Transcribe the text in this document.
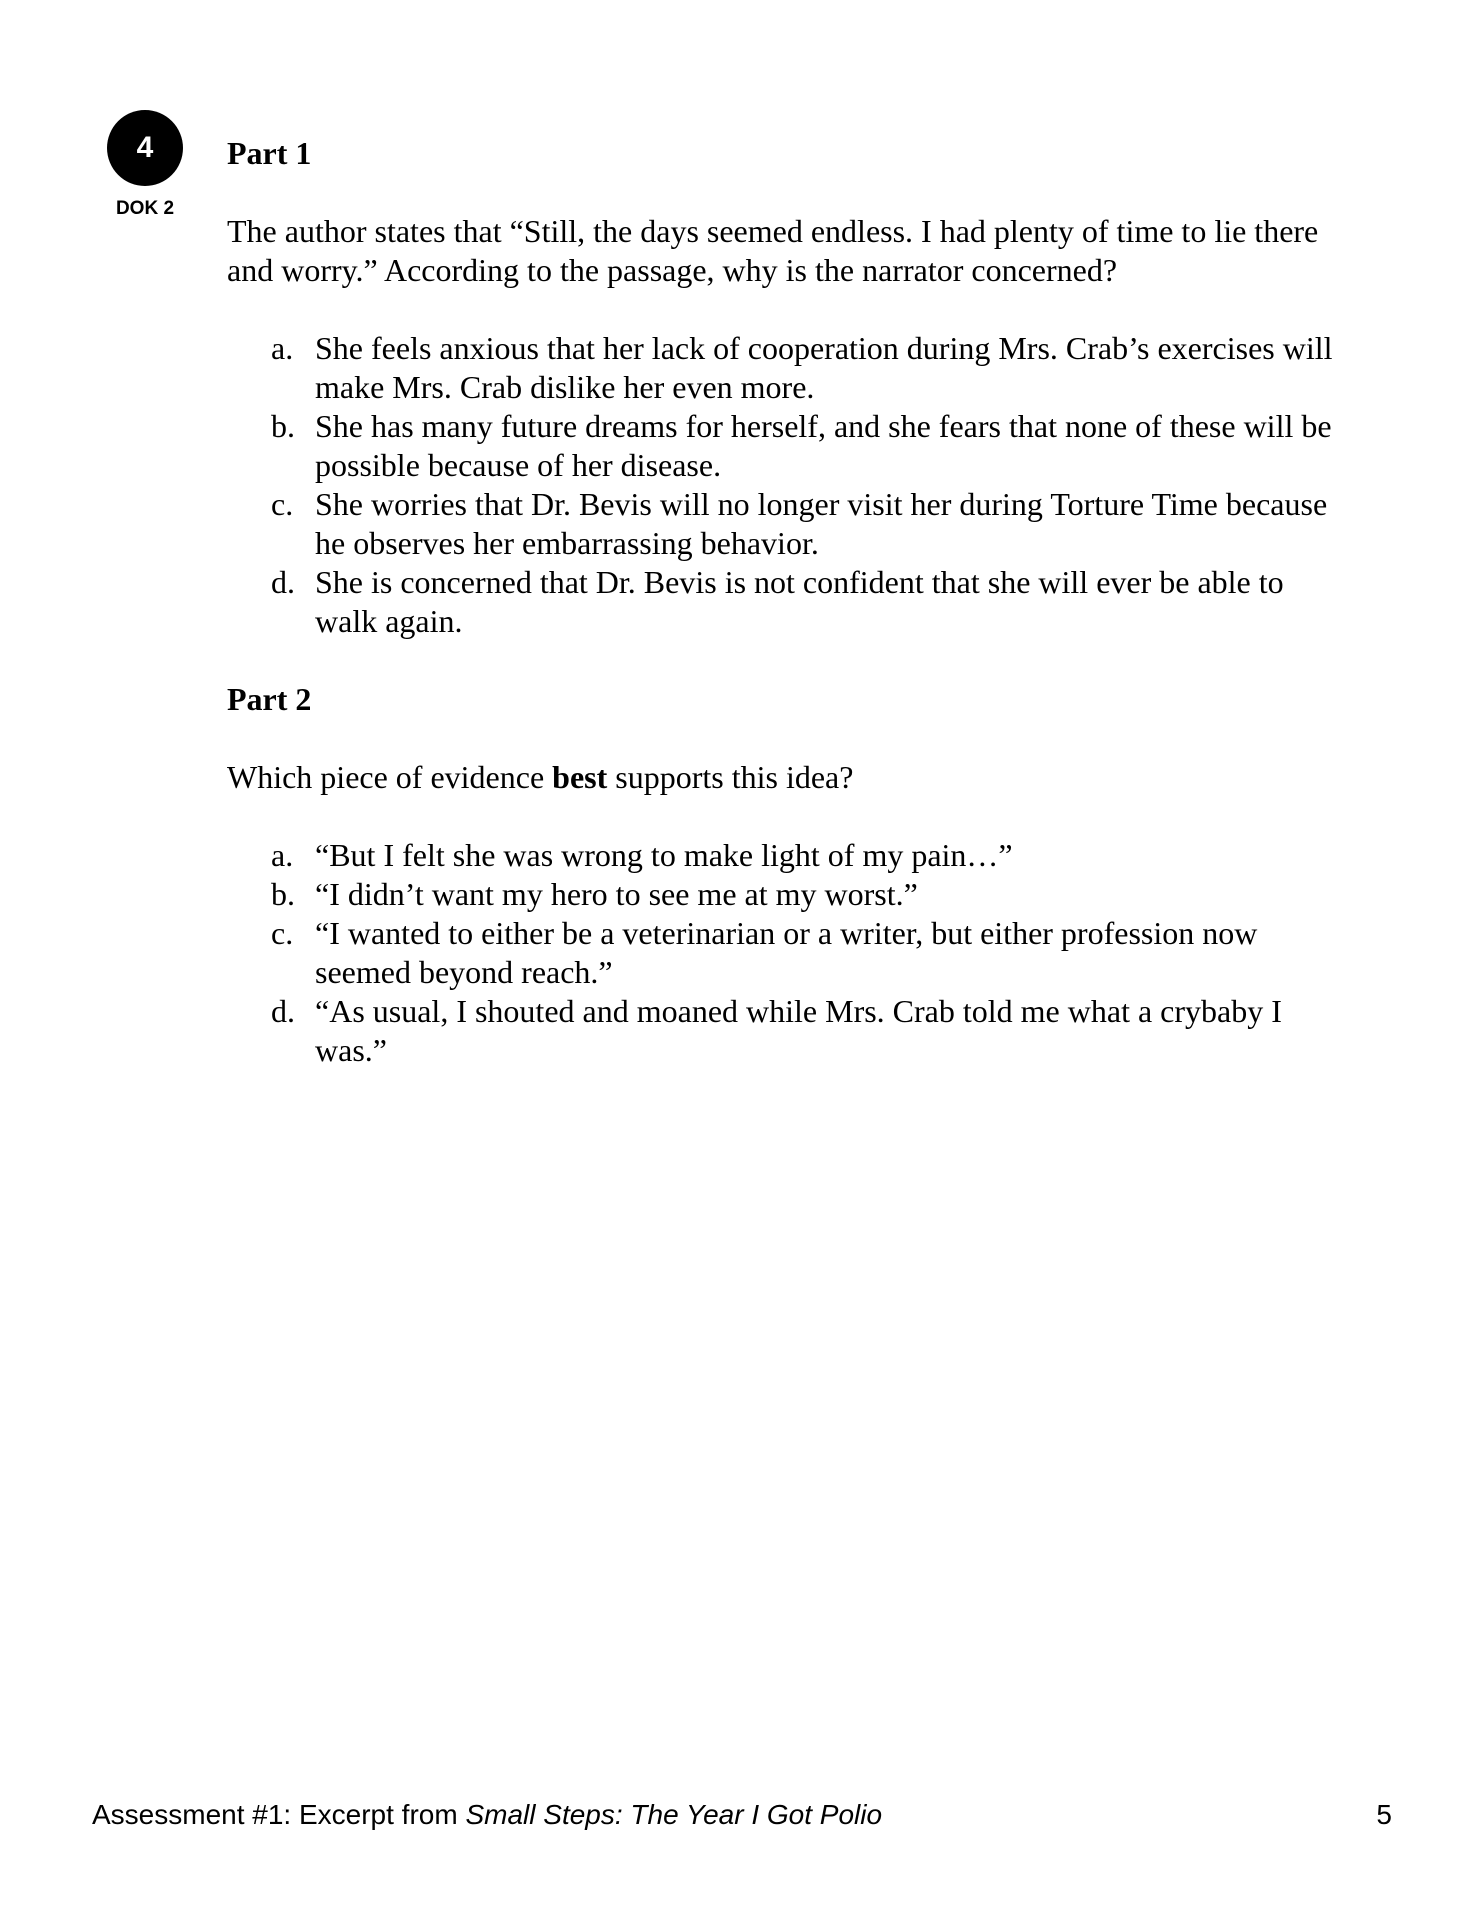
4
DOK 2
Part 1
The author states that “Still, the days seemed endless. I had plenty of time to lie there and worry.” According to the passage, why is the narrator concerned?
a. She feels anxious that her lack of cooperation during Mrs. Crab’s exercises will make Mrs. Crab dislike her even more.
b. She has many future dreams for herself, and she fears that none of these will be possible because of her disease.
c. She worries that Dr. Bevis will no longer visit her during Torture Time because he observes her embarrassing behavior.
d. She is concerned that Dr. Bevis is not confident that she will ever be able to walk again.
Part 2
Which piece of evidence best supports this idea?
a. “But I felt she was wrong to make light of my pain…”
b. “I didn’t want my hero to see me at my worst.”
c. “I wanted to either be a veterinarian or a writer, but either profession now seemed beyond reach.”
d. “As usual, I shouted and moaned while Mrs. Crab told me what a crybaby I was.”
Assessment #1: Excerpt from Small Steps: The Year I Got Polio	5
